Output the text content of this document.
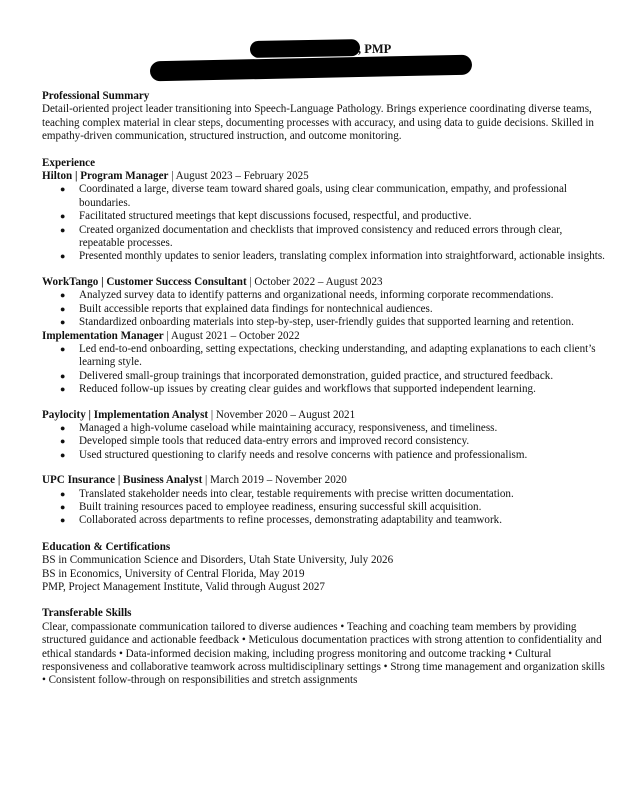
, PMP
Professional Summary
Detail-oriented project leader transitioning into Speech-Language Pathology. Brings experience coordinating diverse teams, teaching complex material in clear steps, documenting processes with accuracy, and using data to guide decisions. Skilled in empathy-driven communication, structured instruction, and outcome monitoring.
Experience
Hilton | Program Manager | August 2023 – February 2025
● Coordinated a large, diverse team toward shared goals, using clear communication, empathy, and professional boundaries.
● Facilitated structured meetings that kept discussions focused, respectful, and productive.
● Created organized documentation and checklists that improved consistency and reduced errors through clear, repeatable processes.
● Presented monthly updates to senior leaders, translating complex information into straightforward, actionable insights.
WorkTango | Customer Success Consultant | October 2022 – August 2023
● Analyzed survey data to identify patterns and organizational needs, informing corporate recommendations.
● Built accessible reports that explained data findings for nontechnical audiences.
● Standardized onboarding materials into step-by-step, user-friendly guides that supported learning and retention.
Implementation Manager | August 2021 – October 2022
● Led end-to-end onboarding, setting expectations, checking understanding, and adapting explanations to each client’s learning style.
● Delivered small-group trainings that incorporated demonstration, guided practice, and structured feedback.
● Reduced follow-up issues by creating clear guides and workflows that supported independent learning.
Paylocity | Implementation Analyst | November 2020 – August 2021
● Managed a high-volume caseload while maintaining accuracy, responsiveness, and timeliness.
● Developed simple tools that reduced data-entry errors and improved record consistency.
● Used structured questioning to clarify needs and resolve concerns with patience and professionalism.
UPC Insurance | Business Analyst | March 2019 – November 2020
● Translated stakeholder needs into clear, testable requirements with precise written documentation.
● Built training resources paced to employee readiness, ensuring successful skill acquisition.
● Collaborated across departments to refine processes, demonstrating adaptability and teamwork.
Education & Certifications
BS in Communication Science and Disorders, Utah State University, July 2026
BS in Economics, University of Central Florida, May 2019
PMP, Project Management Institute, Valid through August 2027
Transferable Skills
Clear, compassionate communication tailored to diverse audiences • Teaching and coaching team members by providing structured guidance and actionable feedback • Meticulous documentation practices with strong attention to confidentiality and ethical standards • Data-informed decision making, including progress monitoring and outcome tracking • Cultural responsiveness and collaborative teamwork across multidisciplinary settings • Strong time management and organization skills • Consistent follow-through on responsibilities and stretch assignments
